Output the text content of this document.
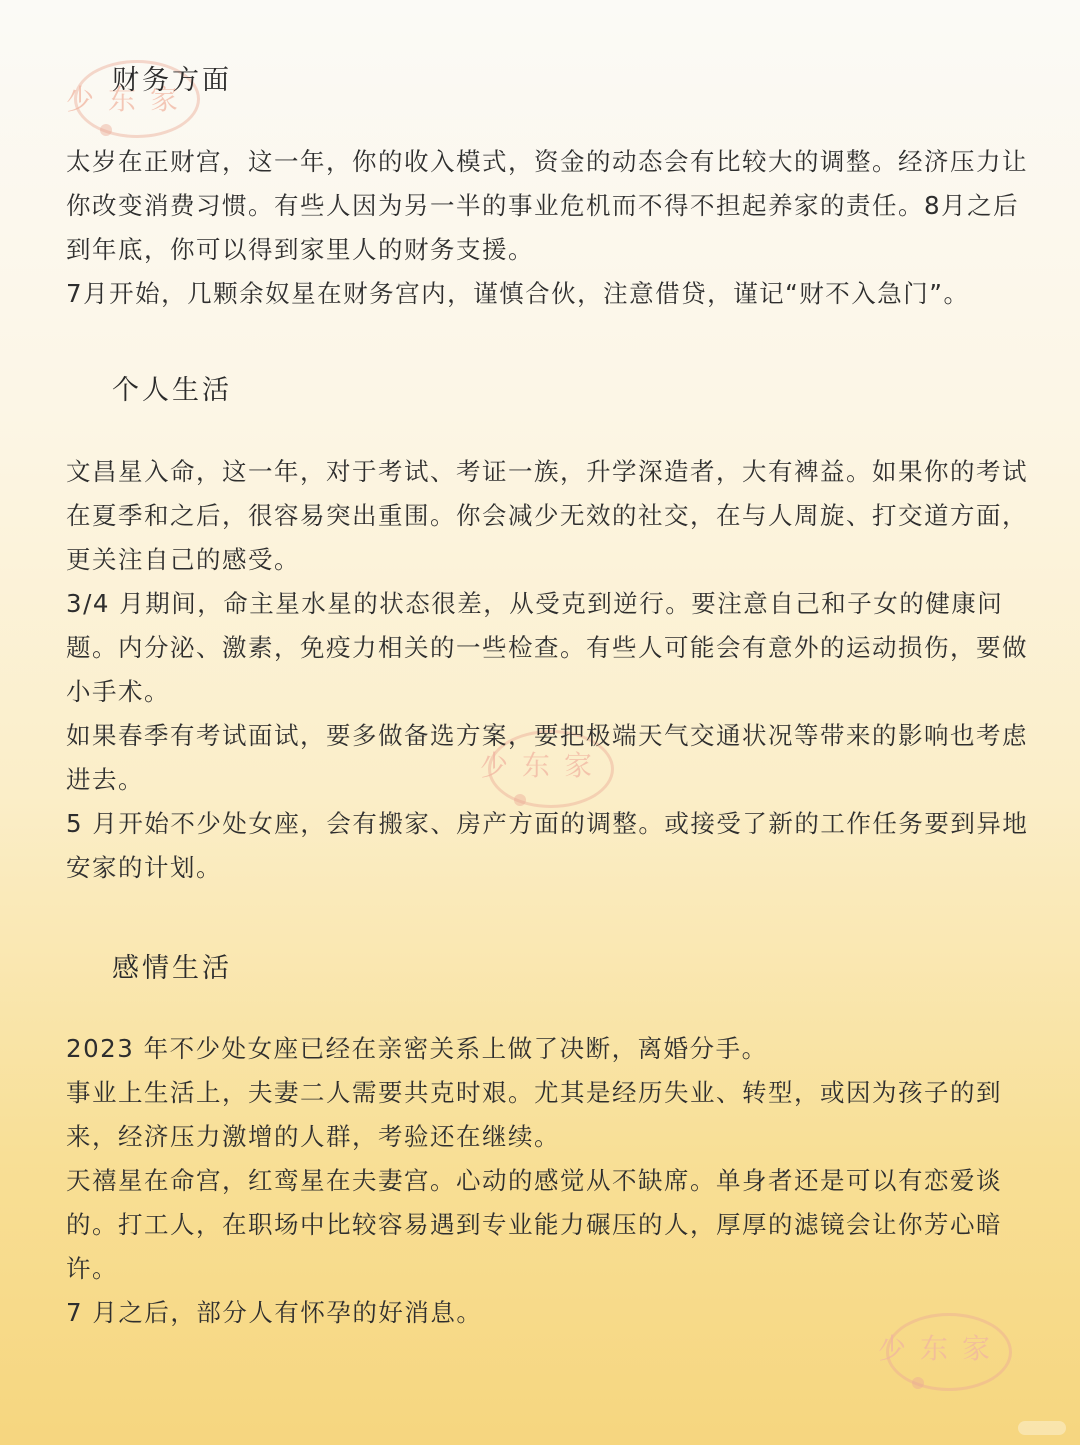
少东家
少东家
少东家
财务方面

太岁在正财宫，这一年，你的收入模式，资金的动态会有比较大的调整。经济压力让你改变消费习惯。有些人因为另一半的事业危机而不得不担起养家的责任。8月之后到年底，你可以得到家里人的财务支援。

7月开始，几颗余奴星在财务宫内，谨慎合伙，注意借贷，谨记“财不入急门”。

个人生活

文昌星入命，这一年，对于考试、考证一族，升学深造者，大有裨益。如果你的考试在夏季和之后，很容易突出重围。你会减少无效的社交，在与人周旋、打交道方面，更关注自己的感受。

3/4 月期间，命主星水星的状态很差，从受克到逆行。要注意自己和子女的健康问题。内分泌、激素，免疫力相关的一些检查。有些人可能会有意外的运动损伤，要做小手术。

如果春季有考试面试，要多做备选方案，要把极端天气交通状况等带来的影响也考虑进去。

5 月开始不少处女座，会有搬家、房产方面的调整。或接受了新的工作任务要到异地安家的计划。

感情生活

2023 年不少处女座已经在亲密关系上做了决断，离婚分手。

事业上生活上，夫妻二人需要共克时艰。尤其是经历失业、转型，或因为孩子的到来，经济压力激增的人群，考验还在继续。

天禧星在命宫，红鸾星在夫妻宫。心动的感觉从不缺席。单身者还是可以有恋爱谈的。打工人，在职场中比较容易遇到专业能力碾压的人，厚厚的滤镜会让你芳心暗许。

7 月之后，部分人有怀孕的好消息。
